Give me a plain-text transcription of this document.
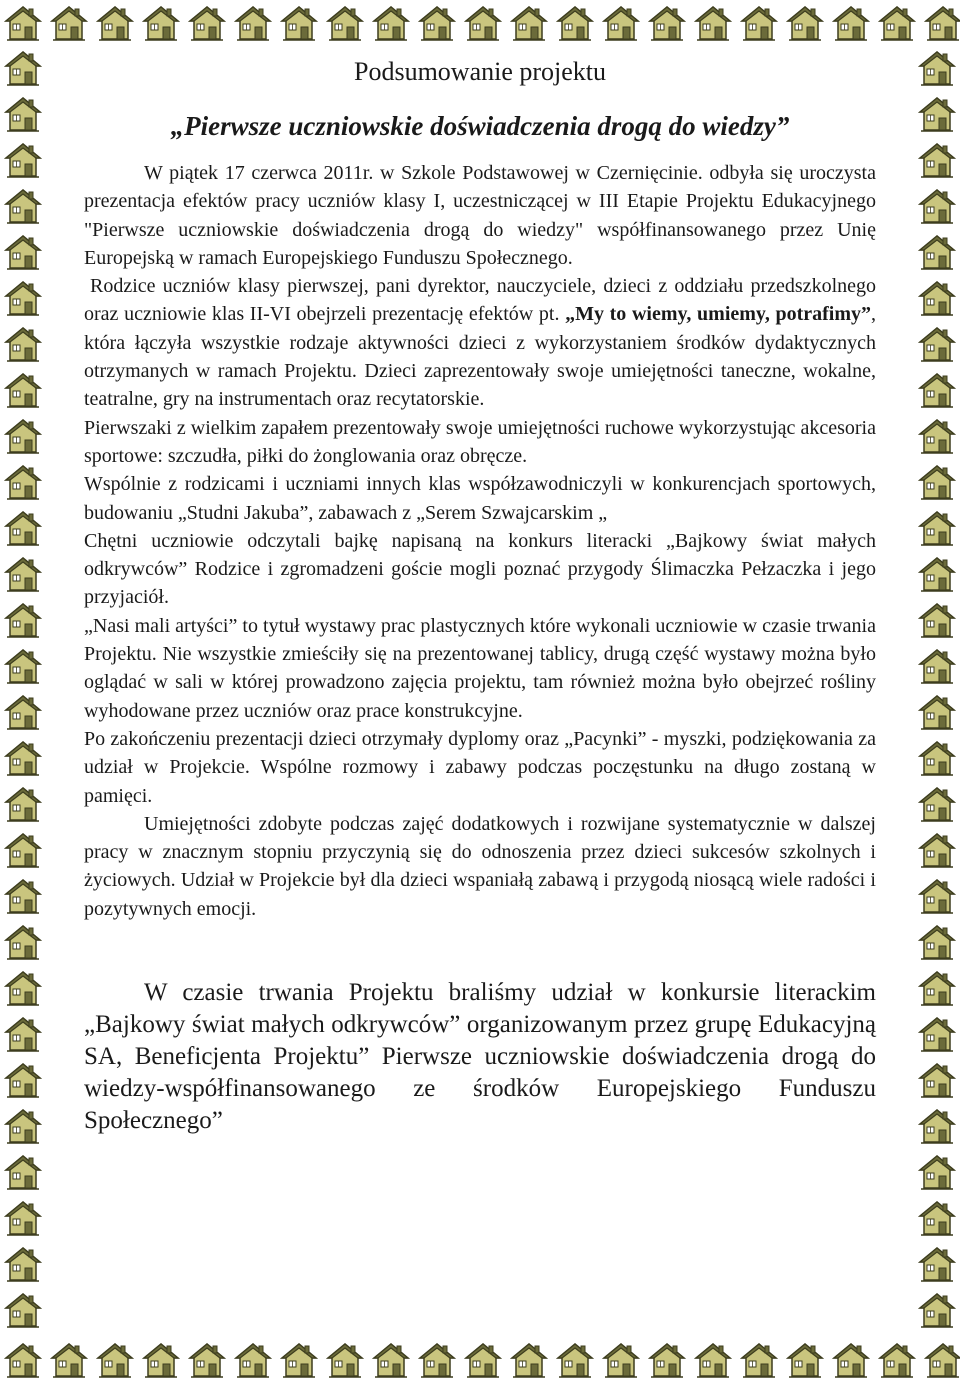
Podsumowanie projektu
„Pierwsze uczniowskie doświadczenia drogą do wiedzy”

W piątek 17 czerwca 2011r. w Szkole Podstawowej w Czernięcinie. odbyła się uroczysta prezentacja efektów pracy uczniów klasy I, uczestniczącej w III Etapie Projektu Edukacyjnego "Pierwsze uczniowskie doświadczenia drogą do wiedzy" współfinansowanego przez Unię Europejską w ramach Europejskiego Funduszu Społecznego.

Rodzice uczniów klasy pierwszej, pani dyrektor, nauczyciele, dzieci z oddziału przedszkolnego oraz uczniowie klas II-VI obejrzeli prezentację efektów pt. „My to wiemy, umiemy, potrafimy”, która łączyła wszystkie rodzaje aktywności dzieci z wykorzystaniem środków dydaktycznych otrzymanych w ramach Projektu. Dzieci zaprezentowały swoje umiejętności taneczne, wokalne, teatralne, gry na instrumentach oraz recytatorskie.

Pierwszaki z wielkim zapałem prezentowały swoje umiejętności ruchowe wykorzystując akcesoria sportowe: szczudła, piłki do żonglowania oraz obręcze.

Wspólnie z rodzicami i uczniami innych klas współzawodniczyli w konkurencjach sportowych, budowaniu „Studni Jakuba”, zabawach z „Serem Szwajcarskim „

Chętni uczniowie odczytali bajkę napisaną na konkurs literacki „Bajkowy świat małych odkrywców” Rodzice i zgromadzeni goście mogli poznać przygody Ślimaczka Pełzaczka i jego przyjaciół.

„Nasi mali artyści” to tytuł wystawy prac plastycznych które wykonali uczniowie w czasie trwania Projektu. Nie wszystkie zmieściły się na prezentowanej tablicy, drugą część wystawy można było oglądać w sali w której prowadzono zajęcia projektu, tam również można było obejrzeć rośliny wyhodowane przez uczniów oraz prace konstrukcyjne.

Po zakończeniu prezentacji dzieci otrzymały dyplomy oraz „Pacynki” - myszki, podziękowania za udział w Projekcie. Wspólne rozmowy i zabawy podczas poczęstunku na długo zostaną w pamięci.

Umiejętności zdobyte podczas zajęć dodatkowych i rozwijane systematycznie w dalszej pracy w znacznym stopniu przyczynią się do odnoszenia przez dzieci sukcesów szkolnych i życiowych. Udział w Projekcie był dla dzieci wspaniałą zabawą i przygodą niosącą wiele radości i pozytywnych emocji.

W czasie trwania Projektu braliśmy udział w konkursie literackim „Bajkowy świat małych odkrywców” organizowanym przez grupę Edukacyjną SA, Beneficjenta Projektu” Pierwsze uczniowskie doświadczenia drogą do wiedzy-współfinansowanego ze środków Europejskiego Funduszu Społecznego”
